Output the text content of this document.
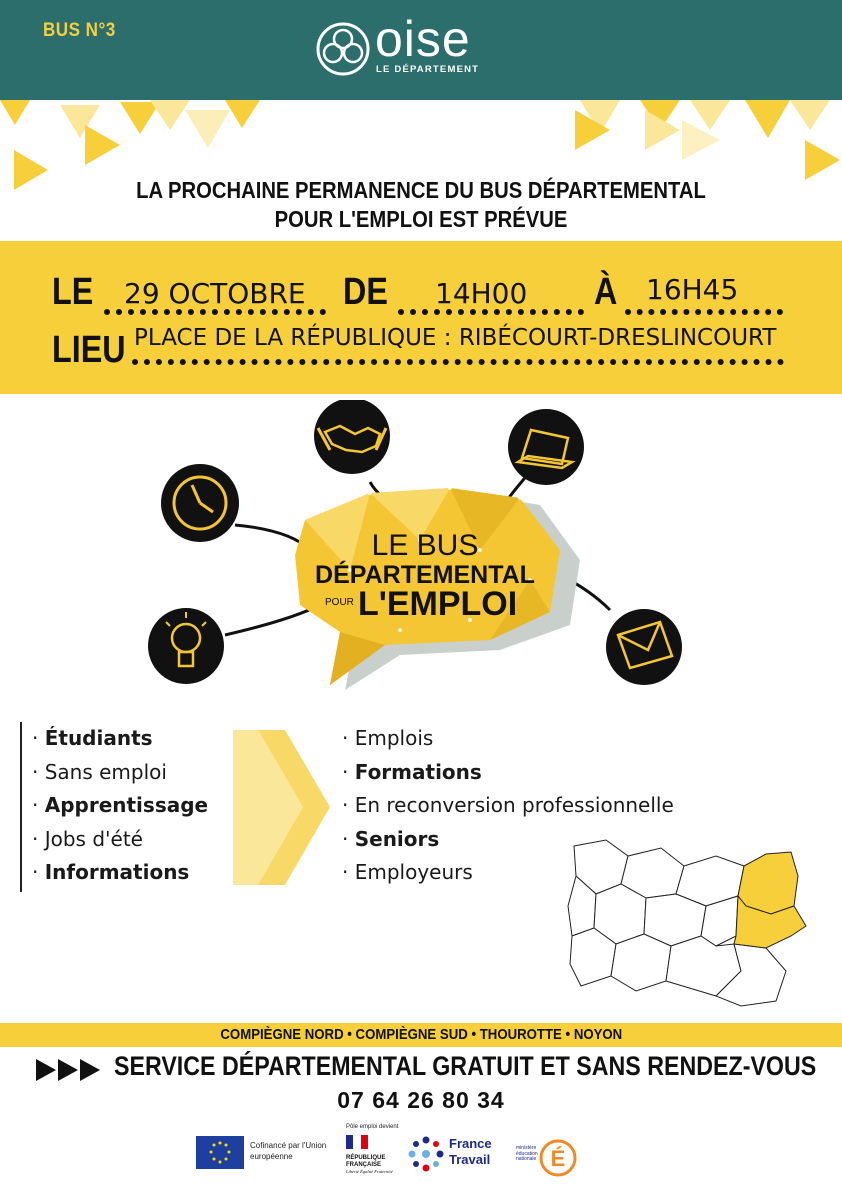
BUS N°3	oise
LE DÉPARTEMENT
LA PROCHAINE PERMANENCE DU BUS DÉPARTEMENTAL
POUR L'EMPLOI EST PRÉVUE
LE 29 OCTOBRE DE 14H00 À 16H45
LIEU PLACE DE LA RÉPUBLIQUE : RIBÉCOURT-DRESLINCOURT
LE BUS
DÉPARTEMENTAL
POUR L'EMPLOI
· Étudiants
· Sans emploi
· Apprentissage
· Jobs d'été
· Informations
· Emplois
· Formations
· En reconversion professionnelle
· Seniors
· Employeurs
COMPIÈGNE NORD • COMPIÈGNE SUD • THOUROTTE • NOYON
SERVICE DÉPARTEMENTAL GRATUIT ET SANS RENDEZ-VOUS
07 64 26 80 34
Cofinancé par l'Union européenne
Pôle emploi devient
RÉPUBLIQUE FRANÇAISE
Liberté Égalité Fraternité
France Travail
ministère éducation nationale É
